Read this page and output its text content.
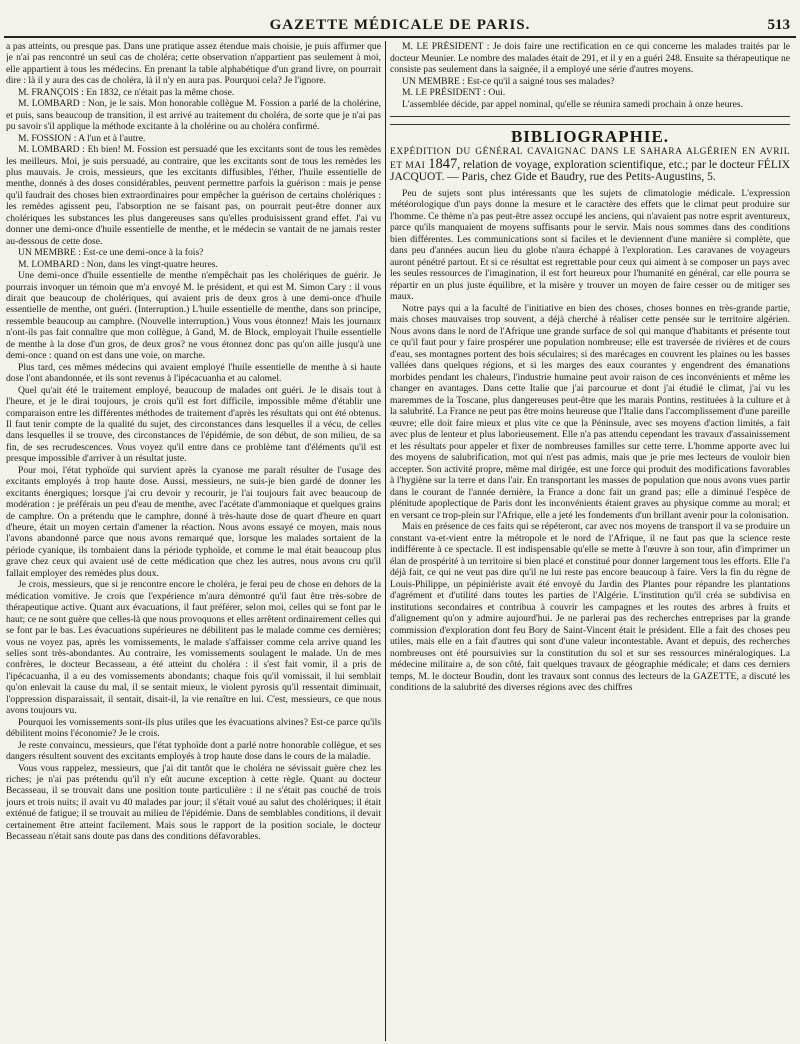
GAZETTE MÉDICALE DE PARIS.	513

a pas atteints, ou presque pas. Dans une pratique assez étendue mais choisie, je puis affirmer que je n'ai pas rencontré un seul cas de choléra; cette observation n'appartient pas seulement à moi, elle appartient à tous les médecins. En prenant la table alphabétique d'un grand livre, on pourrait dire : là il y aura des cas de choléra, là il n'y en aura pas. Pourquoi cela? Je l'ignore.

M. FRANÇOIS : En 1832, ce n'était pas la même chose.

M. LOMBARD : Non, je le sais. Mon honorable collègue M. Fossion a parlé de la cholérine, et puis, sans beaucoup de transition, il est arrivé au traitement du choléra, de sorte que je n'ai pas pu savoir s'il applique la méthode excitante à la cholérine ou au choléra confirmé.

M. FOSSION : A l'un et à l'autre.

M. LOMBARD : Eh bien! M. Fossion est persuadé que les excitants sont de tous les remèdes les meilleurs. Moi, je suis persuadé, au contraire, que les excitants sont de tous les remèdes les plus mauvais. Je crois, messieurs, que les excitants diffusibles, l'éther, l'huile essentielle de menthe, donnés à des doses considérables, peuvent permettre parfois la guérison : mais je pense qu'il faudrait des choses bien extraordinaires pour empêcher la guérison de certains cholériques : les remèdes agissent peu, l'absorption ne se faisant pas, on pourrait peut-être donner aux cholériques les substances les plus dangereuses sans qu'elles produisissent grand effet. J'ai vu donner une demi-once d'huile essentielle de menthe, et le médecin se vantait de ne jamais rester au-dessous de cette dose.

UN MEMBRE : Est-ce une demi-once à la fois?

M. LOMBARD : Non, dans les vingt-quatre heures.

Une demi-once d'huile essentielle de menthe n'empêchait pas les cholériques de guérir. Je pourrais invoquer un témoin que m'a envoyé M. le président, et qui est M. Simon Cary : il vous dirait que beaucoup de cholériques, qui avaient pris de deux gros à une demi-once d'huile essentielle de menthe, ont guéri. (Interruption.) L'huile essentielle de menthe, dans son principe, ressemble beaucoup au camphre. (Nouvelle interruption.) Vous vous étonnez! Mais les journaux n'ont-ils pas fait connaître que mon collègue, à Gand, M. de Block, employait l'huile essentielle de menthe à la dose d'un gros, de deux gros? ne vous étonnez donc pas qu'on aille jusqu'à une demi-once : quand on est dans une voie, on marche.

Plus tard, ces mêmes médecins qui avaient employé l'huile essentielle de menthe à si haute dose l'ont abandonnée, et ils sont revenus à l'ipécacuanha et au calomel.

Quel qu'ait été le traitement employé, beaucoup de malades ont guéri. Je le disais tout à l'heure, et je le dirai toujours, je crois qu'il est fort difficile, impossible même d'établir une comparaison entre les différentes méthodes de traitement d'après les résultats qui ont été obtenus. Il faut tenir compte de la qualité du sujet, des circonstances dans lesquelles il a vécu, de celles dans lesquelles il se trouve, des circonstances de l'épidémie, de son début, de son milieu, de sa fin, de ses recrudescences. Vous voyez qu'il entre dans ce problème tant d'éléments qu'il est presque impossible d'arriver à un résultat juste.

Pour moi, l'état typhoïde qui survient après la cyanose me paraît résulter de l'usage des excitants employés à trop haute dose. Aussi, messieurs, ne suis-je bien gardé de donner les excitants énergiques; lorsque j'ai cru devoir y recourir, je l'ai toujours fait avec beaucoup de modération : je préférais un peu d'eau de menthe, avec l'acétate d'ammoniaque et quelques grains de camphre. On a prétendu que le camphre, donné à très-haute dose de quart d'heure en quart d'heure, était un moyen certain d'amener la réaction. Nous avons essayé ce moyen, mais nous l'avons abandonné parce que nous avons remarqué que, lorsque les malades sortaient de la période cyanique, ils tombaient dans la période typhoïde, et comme le mal était beaucoup plus grave chez ceux qui avaient usé de cette médication que chez les autres, nous avons cru qu'il fallait employer des remèdes plus doux.

Je crois, messieurs, que si je rencontre encore le choléra, je ferai peu de chose en dehors de la médication vomitive. Je crois que l'expérience m'aura démontré qu'il faut être très-sobre de thérapeutique active. Quant aux évacuations, il faut préférer, selon moi, celles qui se font par le haut; ce ne sont guère que celles-là que nous provoquons et elles arrêtent ordinairement celles qui se font par le bas. Les évacuations supérieures ne débilitent pas le malade comme ces dernières; vous ne voyez pas, après les vomissements, le malade s'affaisser comme cela arrive quand les selles sont très-abondantes. Au contraire, les vomissements soulagent le malade. Un de mes confrères, le docteur Becasseau, a été atteint du choléra : il s'est fait vomir, il a pris de l'ipécacuanha, il a eu des vomissements abondants; chaque fois qu'il vomissait, il lui semblait qu'on enlevait la cause du mal, il se sentait mieux, le violent pyrosis qu'il ressentait diminuait, l'oppression disparaissait, il sentait, disait-il, la vie renaître en lui. C'est, messieurs, ce que nous avons toujours vu.

Pourquoi les vomissements sont-ils plus utiles que les évacuations alvines? Est-ce parce qu'ils débilitent moins l'économie? Je le crois.

Je reste convaincu, messieurs, que l'état typhoïde dont a parlé notre honorable collègue, et ses dangers résultent souvent des excitants employés à trop haute dose dans le cours de la maladie.

Vous vous rappelez, messieurs, que j'ai dit tantôt que le choléra ne sévissait guère chez les riches; je n'ai pas prétendu qu'il n'y eût aucune exception à cette règle. Quant au docteur Becasseau, il se trouvait dans une position toute particulière : il ne s'était pas couché de trois jours et trois nuits; il avait vu 40 malades par jour; il s'était voué au salut des cholériques; il était exténué de fatigue; il se trouvait au milieu de l'épidémie. Dans de semblables conditions, il devait certainement être atteint facilement. Mais sous le rapport de la position sociale, le docteur Becasseau n'était sans doute pas dans des conditions défavorables.

M. LE PRÉSIDENT : Je dois faire une rectification en ce qui concerne les malades traités par le docteur Meunier. Le nombre des malades était de 291, et il y en a guéri 248. Ensuite sa thérapeutique ne consiste pas seulement dans la saignée, il a employé une série d'autres moyens.

UN MEMBRE : Est-ce qu'il a saigné tous ses malades?

M. LE PRÉSIDENT : Oui.

L'assemblée décide, par appel nominal, qu'elle se réunira samedi prochain à onze heures.

BIBLIOGRAPHIE.

EXPÉDITION DU GÉNÉRAL CAVAIGNAC DANS LE SAHARA ALGÉRIEN EN AVRIL ET MAI 1847, relation de voyage, exploration scientifique, etc.; par le docteur FÉLIX JACQUOT. — Paris, chez Gide et Baudry, rue des Petits-Augustins, 5.

Peu de sujets sont plus intéressants que les sujets de climatologie médicale. L'expression météorologique d'un pays donne la mesure et le caractère des effets que le climat peut produire sur l'homme. Ce thème n'a pas peut-être assez occupé les anciens, qui n'avaient pas notre esprit aventureux, parce qu'ils manquaient de moyens suffisants pour le servir. Mais nous sommes dans des conditions bien différentes. Les communications sont si faciles et le deviennent d'une manière si complète, que dans peu d'années aucun lieu du globe n'aura échappé à l'exploration. Les caravanes de voyageurs auront pénétré partout. Et si ce résultat est regrettable pour ceux qui aiment à se composer un pays avec les seules ressources de l'imagination, il est fort heureux pour l'humanité en général, car elle pourra se répartir en un plus juste équilibre, et la misère y trouver un moyen de faire cesser ou de mitiger ses maux.

Notre pays qui a la faculté de l'initiative en bien des choses, choses bonnes en très-grande partie, mais choses mauvaises trop souvent, a déjà cherché à réaliser cette pensée sur le territoire algérien. Nous avons dans le nord de l'Afrique une grande surface de sol qui manque d'habitants et présente tout ce qu'il faut pour y faire prospérer une population nombreuse; elle est traversée de rivières et de cours d'eau, ses montagnes portent des bois séculaires; si des marécages en couvrent les plaines ou les basses vallées dans quelques régions, et si les marges des eaux courantes y engendrent des émanations morbides pendant les chaleurs, l'industrie humaine peut avoir raison de ces inconvénients et même les changer en avantages. Dans cette Italie que j'ai parcourue et dont j'ai étudié le climat, j'ai vu les maremmes de la Toscane, plus dangereuses peut-être que les marais Pontins, restituées à la culture et à la salubrité. La France ne peut pas être moins heureuse que l'Italie dans l'accomplissement d'une pareille œuvre; elle doit faire mieux et plus vite ce que la Péninsule, avec ses moyens d'action limités, a fait avec plus de lenteur et plus laborieusement. Elle n'a pas attendu cependant les travaux d'assainissement et les résultats pour appeler et fixer de nombreuses familles sur cette terre. L'homme apporte avec lui des moyens de salubrification, mot qui n'est pas admis, mais que je prie mes lecteurs de vouloir bien accepter. Son activité propre, même mal dirigée, est une force qui produit des modifications favorables à l'hygiène sur la terre et dans l'air. En transportant les masses de population que nous avons vues partir dans le courant de l'année dernière, la France a donc fait un grand pas; elle a diminué l'espèce de plénitude apoplectique de Paris dont les inconvénients étaient graves au physique comme au moral; et en versant ce trop-plein sur l'Afrique, elle a jeté les fondements d'un brillant avenir pour la colonisation.

Mais en présence de ces faits qui se répéteront, car avec nos moyens de transport il va se produire un constant va-et-vient entre la métropole et le nord de l'Afrique, il ne faut pas que la science reste indifférente à ce spectacle. Il est indispensable qu'elle se mette à l'œuvre à son tour, afin d'imprimer un élan de prospérité à un territoire si bien placé et constitué pour donner largement tous les efforts. Elle l'a déjà fait, ce qui ne veut pas dire qu'il ne lui reste pas encore beaucoup à faire. Vers la fin du règne de Louis-Philippe, un pépiniériste avait été envoyé du Jardin des Plantes pour répandre les plantations d'agrément et d'utilité dans toutes les parties de l'Algérie. L'institution qu'il créa se subdivisa en institutions secondaires et contribua à couvrir les campagnes et les routes des arbres à fruits et d'alignement qu'on y admire aujourd'hui. Je ne parlerai pas des recherches entreprises par la grande commission d'exploration dont feu Bory de Saint-Vincent était le président. Elle a fait des choses peu utiles, mais elle en a fait d'autres qui sont d'une valeur incontestable. Avant et depuis, des recherches nombreuses ont été poursuivies sur la constitution du sol et sur ses ressources minéralogiques. La médecine militaire a, de son côté, fait quelques travaux de géographie médicale; et dans ces derniers temps, M. le docteur Boudin, dont les travaux sont connus des lecteurs de la GAZETTE, a discuté les conditions de la salubrité des diverses régions avec des chiffres
